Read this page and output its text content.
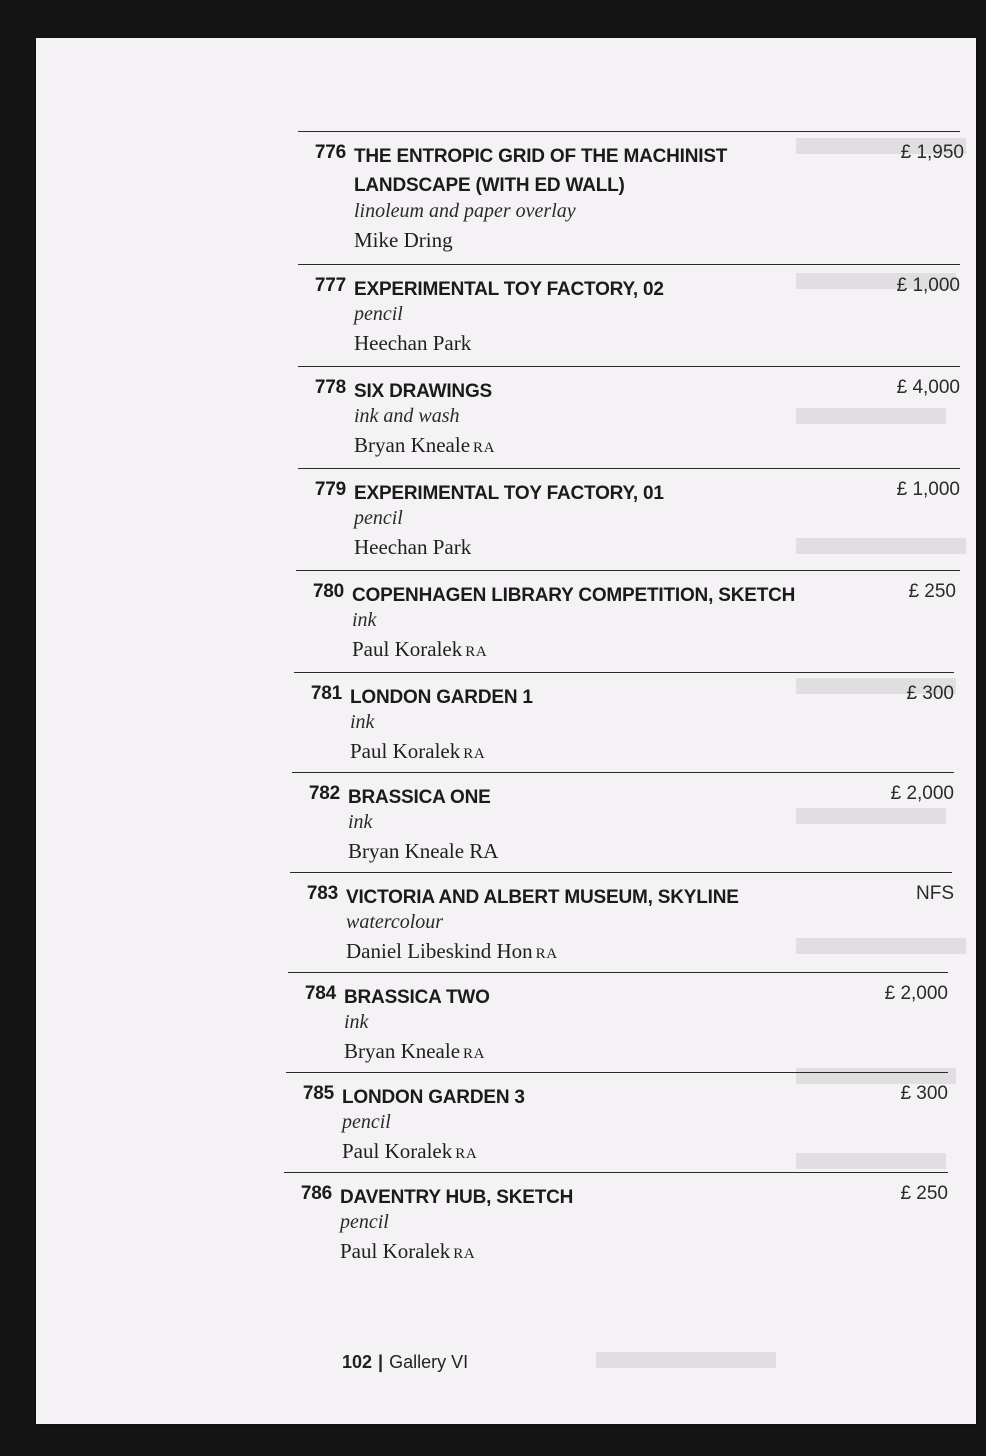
776 THE ENTROPIC GRID OF THE MACHINIST LANDSCAPE (WITH ED WALL)
linoleum and paper overlay
Mike Dring
£ 1,950
777 EXPERIMENTAL TOY FACTORY, 02
pencil
Heechan Park
£ 1,000
778 SIX DRAWINGS
ink and wash
Bryan Kneale RA
£ 4,000
779 EXPERIMENTAL TOY FACTORY, 01
pencil
Heechan Park
£ 1,000
780 COPENHAGEN LIBRARY COMPETITION, SKETCH
ink
Paul Koralek RA
£ 250
781 LONDON GARDEN 1
ink
Paul Koralek RA
£ 300
782 BRASSICA ONE
ink
Bryan Kneale RA
£ 2,000
783 VICTORIA AND ALBERT MUSEUM, SKYLINE
watercolour
Daniel Libeskind Hon RA
NFS
784 BRASSICA TWO
ink
Bryan Kneale RA
£ 2,000
785 LONDON GARDEN 3
pencil
Paul Koralek RA
£ 300
786 DAVENTRY HUB, SKETCH
pencil
Paul Koralek RA
£ 250
102 | Gallery VI
